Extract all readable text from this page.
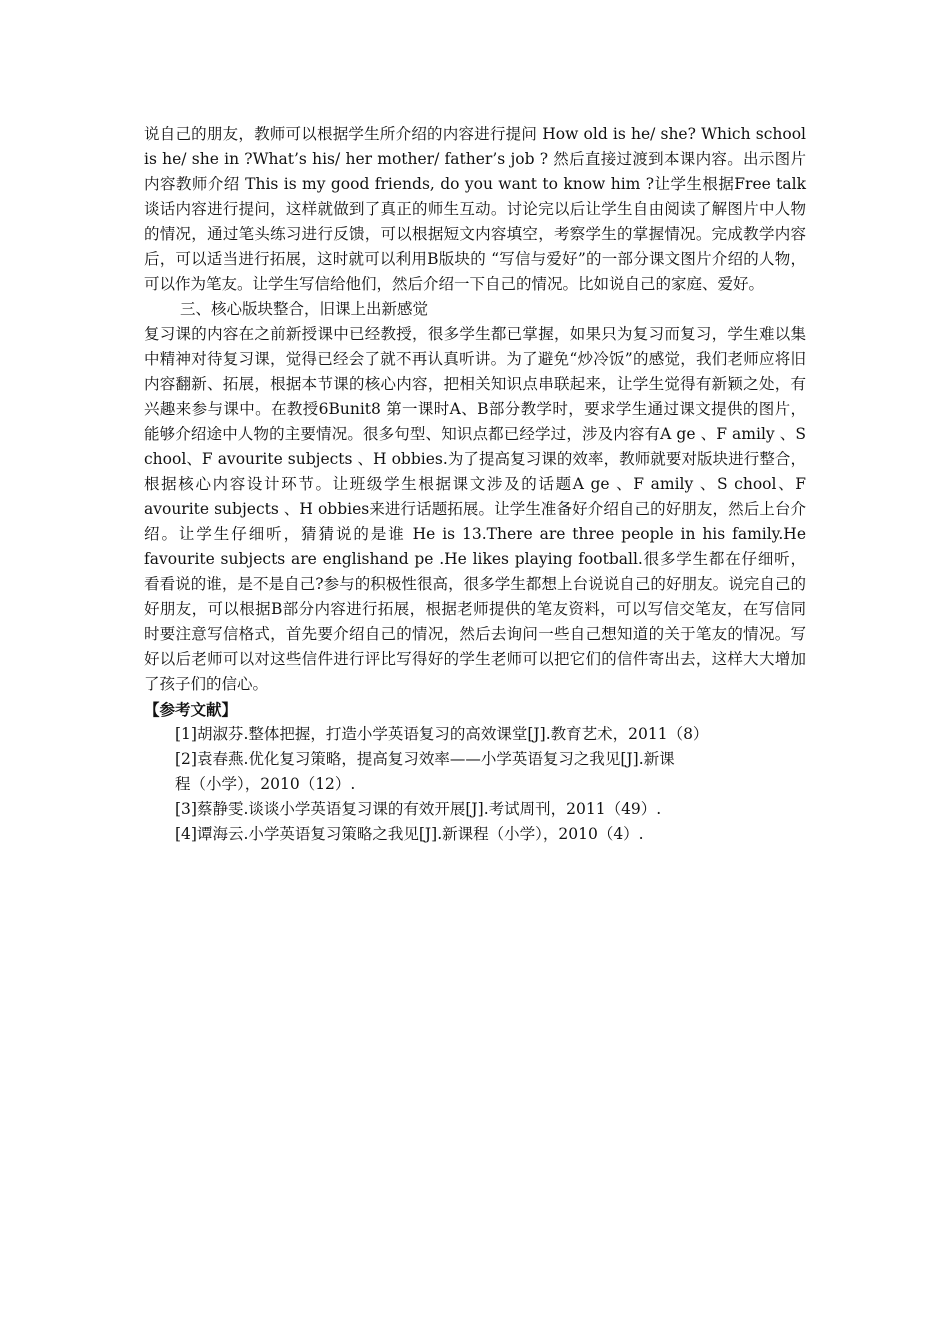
说自己的朋友，教师可以根据学生所介绍的内容进行提问 How old is he/ she? Which school is he/ she in ?What’s his/ her mother/ father’s job ? 然后直接过渡到本课内容。出示图片内容教师介绍 This is my good friends, do you want to know him ?让学生根据Free talk谈话内容进行提问，这样就做到了真正的师生互动。讨论完以后让学生自由阅读了解图片中人物的情况，通过笔头练习进行反馈，可以根据短文内容填空，考察学生的掌握情况。完成教学内容后，可以适当进行拓展，这时就可以利用B版块的 “写信与爱好”的一部分课文图片介绍的人物，可以作为笔友。让学生写信给他们，然后介绍一下自己的情况。比如说自己的家庭、爱好。

三、核心版块整合，旧课上出新感觉

复习课的内容在之前新授课中已经教授，很多学生都已掌握，如果只为复习而复习，学生难以集中精神对待复习课，觉得已经会了就不再认真听讲。为了避免“炒冷饭”的感觉，我们老师应将旧内容翻新、拓展，根据本节课的核心内容，把相关知识点串联起来，让学生觉得有新颖之处，有兴趣来参与课中。在教授6Bunit8 第一课时A、B部分教学时，要求学生通过课文提供的图片，能够介绍途中人物的主要情况。很多句型、知识点都已经学过，涉及内容有A ge 、F amily 、S chool、F avourite subjects 、H obbies.为了提高复习课的效率，教师就要对版块进行整合，根据核心内容设计环节。让班级学生根据课文涉及的话题A ge 、F amily 、S chool、F avourite subjects 、H obbies来进行话题拓展。让学生准备好介绍自己的好朋友，然后上台介绍。让学生仔细听，猜猜说的是谁 He is 13.There are three people in his family.He favourite subjects are englishand pe .He likes playing football.很多学生都在仔细听，看看说的谁，是不是自己?参与的积极性很高，很多学生都想上台说说自己的好朋友。说完自己的好朋友，可以根据B部分内容进行拓展，根据老师提供的笔友资料，可以写信交笔友，在写信同时要注意写信格式，首先要介绍自己的情况，然后去询问一些自己想知道的关于笔友的情况。写好以后老师可以对这些信件进行评比写得好的学生老师可以把它们的信件寄出去，这样大大增加了孩子们的信心。

【参考文献】

[1]胡淑芬.整体把握，打造小学英语复习的高效课堂[J].教育艺术，2011（8）
[2]袁春燕.优化复习策略，提高复习效率——小学英语复习之我见[J].新课
程（小学），2010（12）.
[3]蔡静雯.谈谈小学英语复习课的有效开展[J].考试周刊，2011（49）.
[4]谭海云.小学英语复习策略之我见[J].新课程（小学），2010（4）.
